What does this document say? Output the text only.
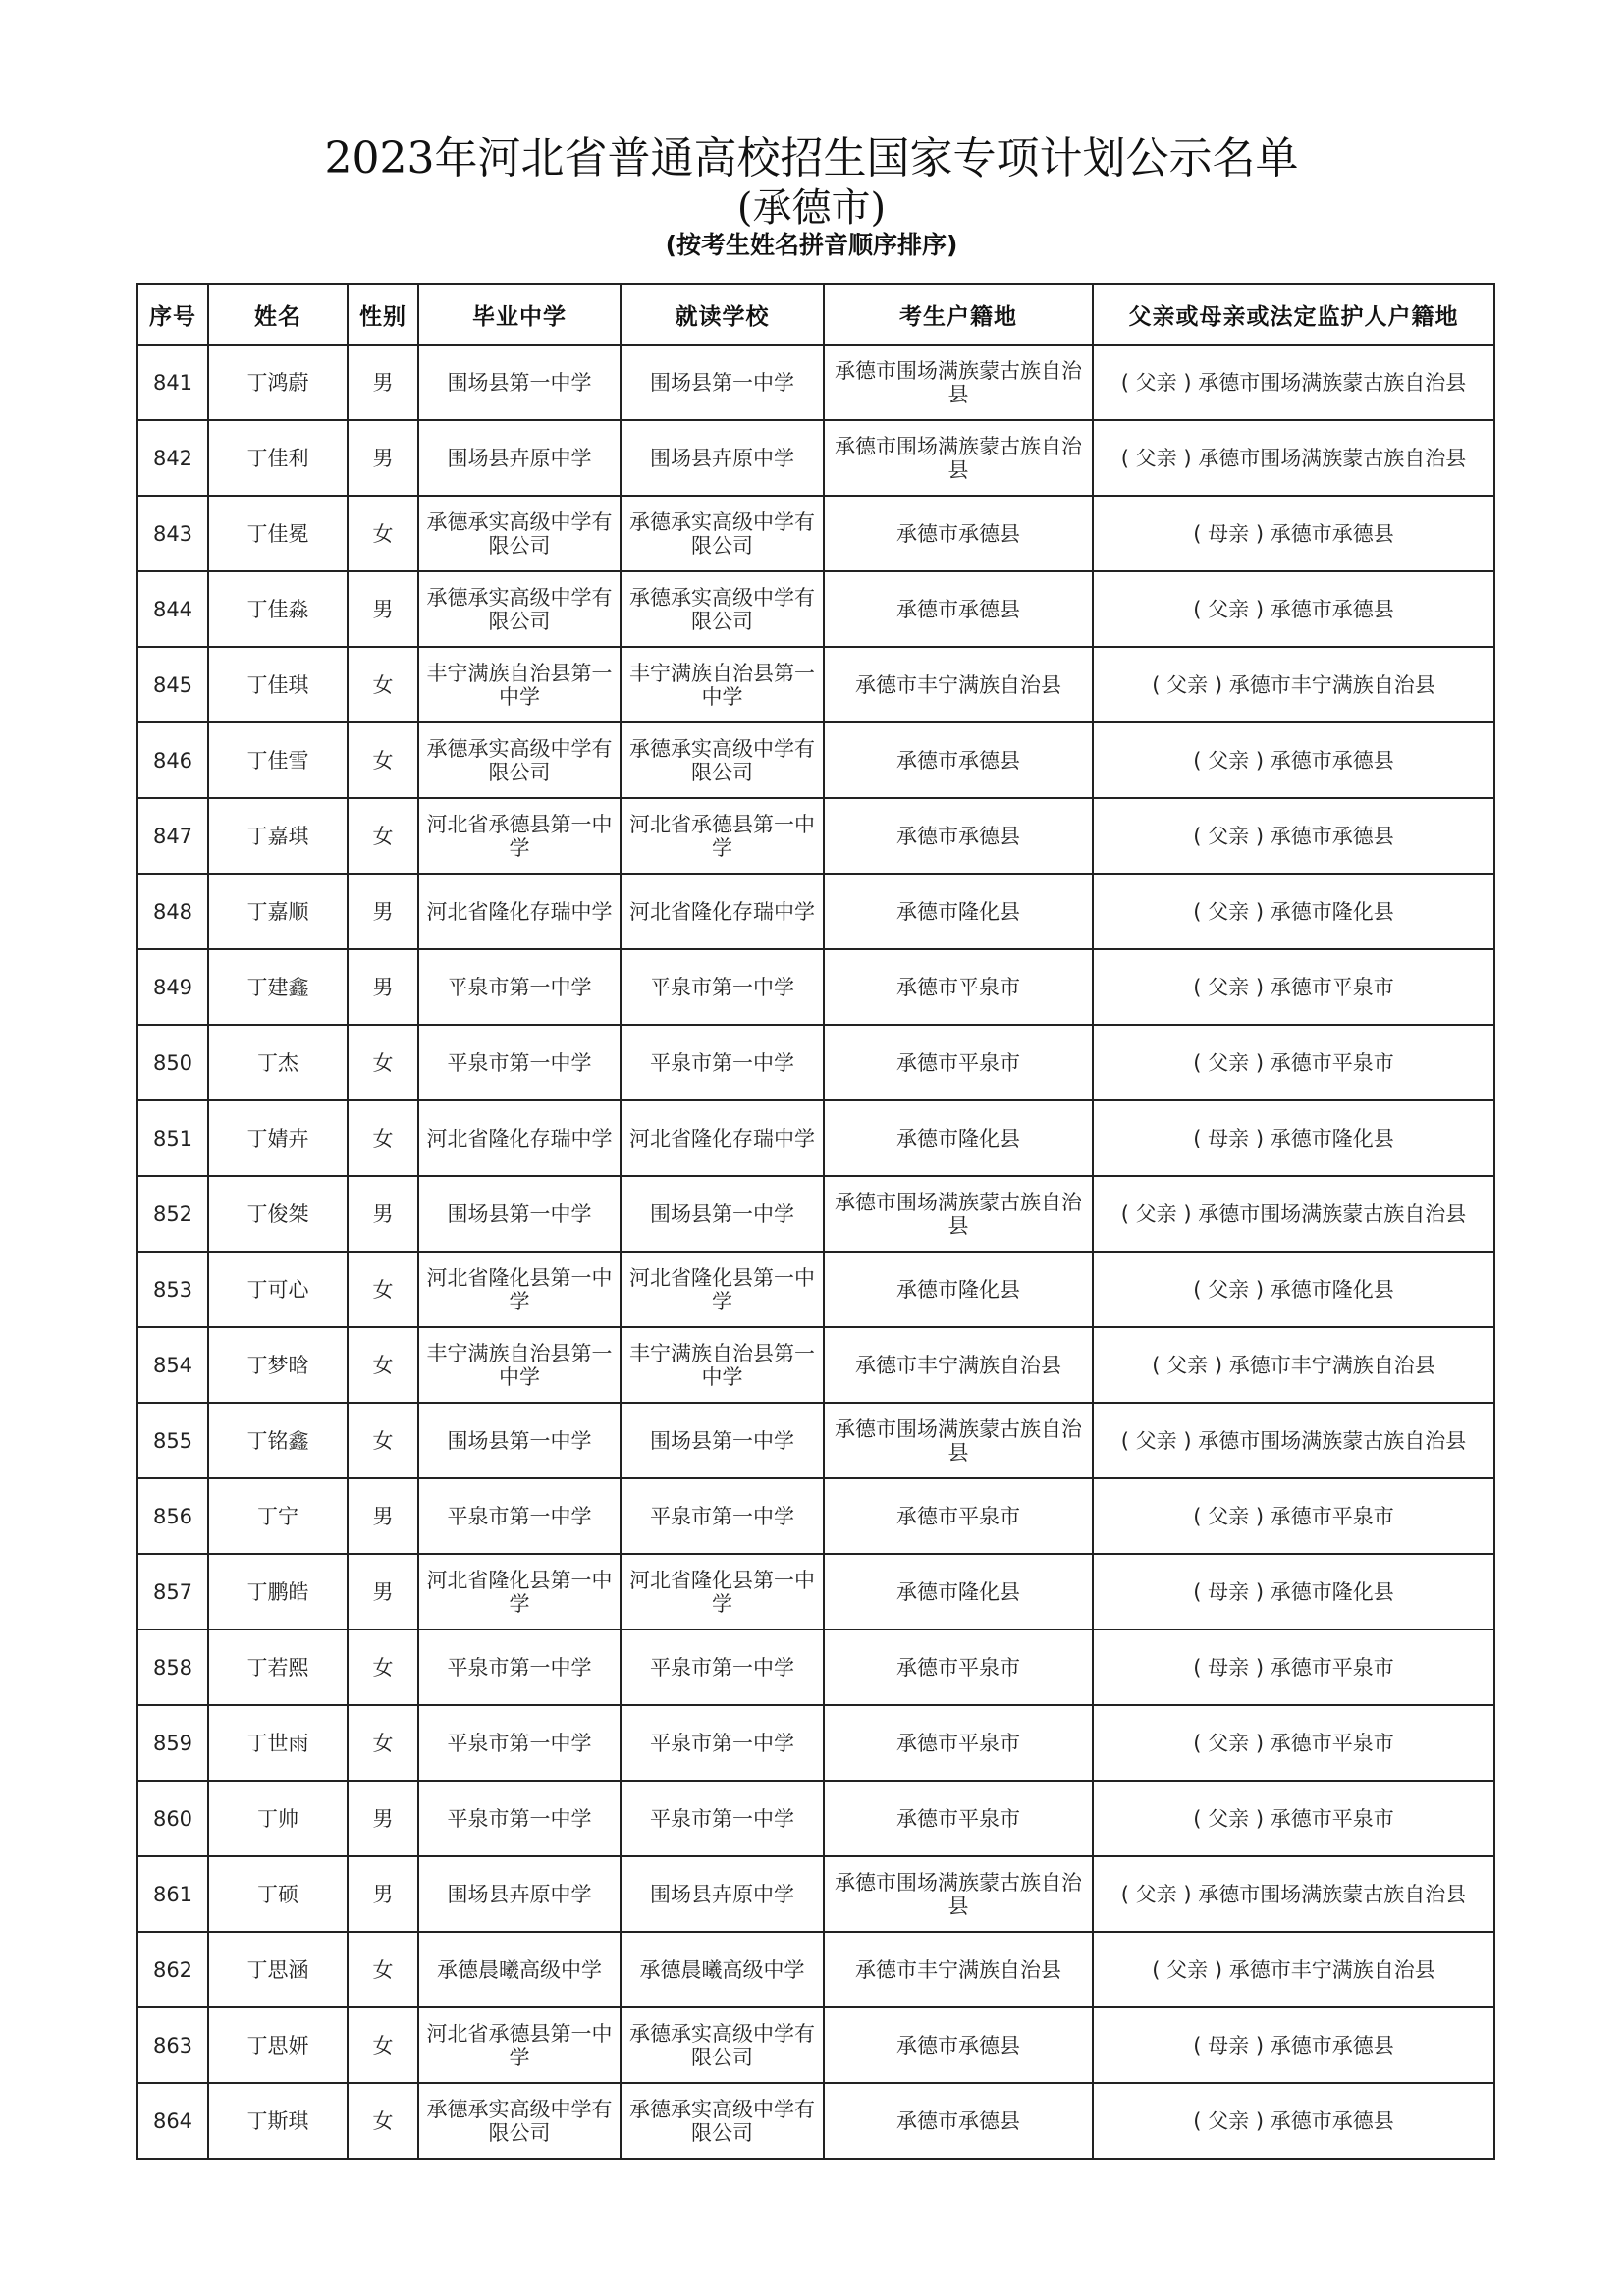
2023年河北省普通高校招生国家专项计划公示名单
(承德市)
(按考生姓名拼音顺序排序)
序号	姓名	性别	毕业中学	就读学校	考生户籍地	父亲或母亲或法定监护人户籍地
841	丁鸿蔚	男	围场县第一中学	围场县第一中学	承德市围场满族蒙古族自治县	( 父亲 ) 承德市围场满族蒙古族自治县
842	丁佳利	男	围场县卉原中学	围场县卉原中学	承德市围场满族蒙古族自治县	( 父亲 ) 承德市围场满族蒙古族自治县
843	丁佳冕	女	承德承实高级中学有限公司	承德承实高级中学有限公司	承德市承德县	( 母亲 ) 承德市承德县
844	丁佳淼	男	承德承实高级中学有限公司	承德承实高级中学有限公司	承德市承德县	( 父亲 ) 承德市承德县
845	丁佳琪	女	丰宁满族自治县第一中学	丰宁满族自治县第一中学	承德市丰宁满族自治县	( 父亲 ) 承德市丰宁满族自治县
846	丁佳雪	女	承德承实高级中学有限公司	承德承实高级中学有限公司	承德市承德县	( 父亲 ) 承德市承德县
847	丁嘉琪	女	河北省承德县第一中学	河北省承德县第一中学	承德市承德县	( 父亲 ) 承德市承德县
848	丁嘉顺	男	河北省隆化存瑞中学	河北省隆化存瑞中学	承德市隆化县	( 父亲 ) 承德市隆化县
849	丁建鑫	男	平泉市第一中学	平泉市第一中学	承德市平泉市	( 父亲 ) 承德市平泉市
850	丁杰	女	平泉市第一中学	平泉市第一中学	承德市平泉市	( 父亲 ) 承德市平泉市
851	丁婧卉	女	河北省隆化存瑞中学	河北省隆化存瑞中学	承德市隆化县	( 母亲 ) 承德市隆化县
852	丁俊桀	男	围场县第一中学	围场县第一中学	承德市围场满族蒙古族自治县	( 父亲 ) 承德市围场满族蒙古族自治县
853	丁可心	女	河北省隆化县第一中学	河北省隆化县第一中学	承德市隆化县	( 父亲 ) 承德市隆化县
854	丁梦晗	女	丰宁满族自治县第一中学	丰宁满族自治县第一中学	承德市丰宁满族自治县	( 父亲 ) 承德市丰宁满族自治县
855	丁铭鑫	女	围场县第一中学	围场县第一中学	承德市围场满族蒙古族自治县	( 父亲 ) 承德市围场满族蒙古族自治县
856	丁宁	男	平泉市第一中学	平泉市第一中学	承德市平泉市	( 父亲 ) 承德市平泉市
857	丁鹏皓	男	河北省隆化县第一中学	河北省隆化县第一中学	承德市隆化县	( 母亲 ) 承德市隆化县
858	丁若熙	女	平泉市第一中学	平泉市第一中学	承德市平泉市	( 母亲 ) 承德市平泉市
859	丁世雨	女	平泉市第一中学	平泉市第一中学	承德市平泉市	( 父亲 ) 承德市平泉市
860	丁帅	男	平泉市第一中学	平泉市第一中学	承德市平泉市	( 父亲 ) 承德市平泉市
861	丁硕	男	围场县卉原中学	围场县卉原中学	承德市围场满族蒙古族自治县	( 父亲 ) 承德市围场满族蒙古族自治县
862	丁思涵	女	承德晨曦高级中学	承德晨曦高级中学	承德市丰宁满族自治县	( 父亲 ) 承德市丰宁满族自治县
863	丁思妍	女	河北省承德县第一中学	承德承实高级中学有限公司	承德市承德县	( 母亲 ) 承德市承德县
864	丁斯琪	女	承德承实高级中学有限公司	承德承实高级中学有限公司	承德市承德县	( 父亲 ) 承德市承德县
